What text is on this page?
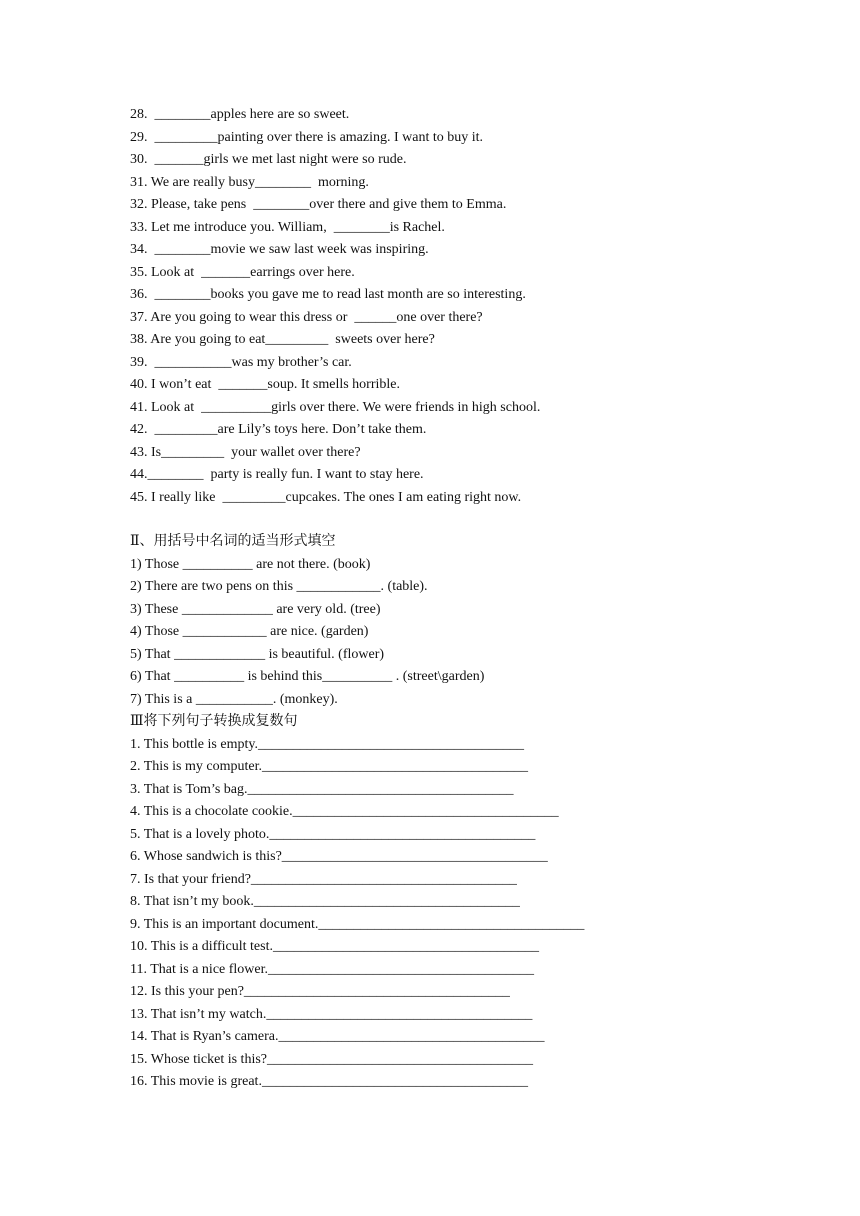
28.  ________apples here are so sweet.
29.  _________painting over there is amazing. I want to buy it.
30.  _______girls we met last night were so rude.
31. We are really busy________  morning.
32. Please, take pens  ________over there and give them to Emma.
33. Let me introduce you. William,  ________is Rachel.
34.  ________movie we saw last week was inspiring.
35. Look at  _______earrings over here.
36.  ________books you gave me to read last month are so interesting.
37. Are you going to wear this dress or  ______one over there?
38. Are you going to eat_________  sweets over here?
39.  ___________was my brother’s car.
40. I won’t eat  _______soup. It smells horrible.
41. Look at  __________girls over there. We were friends in high school.
42.  _________are Lily’s toys here. Don’t take them.
43. Is_________  your wallet over there?
44.________  party is really fun. I want to stay here.
45. I really like  _________cupcakes. The ones I am eating right now.
Ⅱ、用括号中名词的适当形式填空
1) Those __________ are not there. (book)
2) There are two pens on this ____________. (table).
3) These _____________ are very old. (tree)
4) Those ____________ are nice. (garden)
5) That _____________ is beautiful. (flower)
6) That __________ is behind this__________ . (street\garden)
7) This is a ___________. (monkey).
Ⅲ将下列句子转换成复数句
1. This bottle is empty.______________________________________
2. This is my computer.______________________________________
3. That is Tom’s bag.______________________________________
4. This is a chocolate cookie.______________________________________
5. That is a lovely photo.______________________________________
6. Whose sandwich is this?______________________________________
7. Is that your friend?______________________________________
8. That isn’t my book.______________________________________
9. This is an important document.______________________________________
10. This is a difficult test.______________________________________
11. That is a nice flower.______________________________________
12. Is this your pen?______________________________________
13. That isn’t my watch.______________________________________
14. That is Ryan’s camera.______________________________________
15. Whose ticket is this?______________________________________
16. This movie is great.______________________________________
